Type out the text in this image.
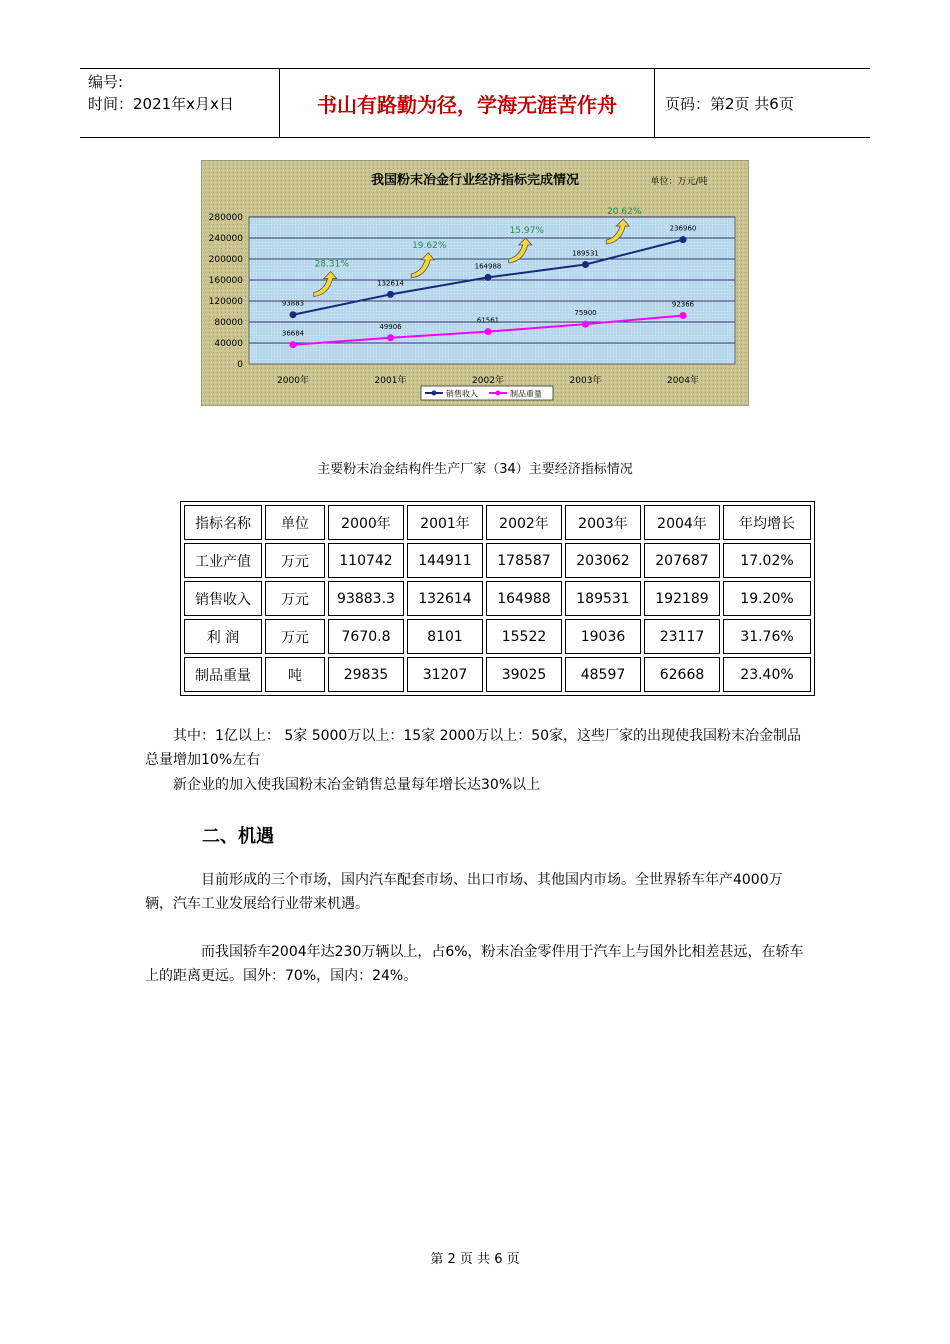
编号:
时间：2021年x月x日	书山有路勤为径，学海无涯苦作舟	页码：第2页 共6页
我国粉末冶金行业经济指标完成情况	单位：万元/吨
0
40000
80000
120000
160000
200000
240000
280000
2000年	2001年	2002年	2003年	2004年
93883
132614
164988
189531
236960
36684
49906
61561
75900
92366
28.31%
19.62%
15.97%
20.62%
销售收入	制品重量
主要粉末冶金结构件生产厂家（34）主要经济指标情况
指标名称	单位	2000年	2001年	2002年	2003年	2004年	年均增长
工业产值	万元	110742	144911	178587	203062	207687	17.02%
销售收入	万元	93883.3	132614	164988	189531	192189	19.20%
利 润	万元	7670.8	8101	15522	19036	23117	31.76%
制品重量	吨	29835	31207	39025	48597	62668	23.40%
其中：1亿以上： 5家 5000万以上：15家 2000万以上：50家，这些厂家的出现使我国粉末冶金制品总量增加10%左右
新企业的加入使我国粉末冶金销售总量每年增长达30%以上
二、机遇
目前形成的三个市场，国内汽车配套市场、出口市场、其他国内市场。全世界轿车年产4000万辆，汽车工业发展给行业带来机遇。
而我国轿车2004年达230万辆以上，占6%，粉末冶金零件用于汽车上与国外比相差甚远，在轿车上的距离更远。国外：70%，国内：24%。
第 2 页 共 6 页
